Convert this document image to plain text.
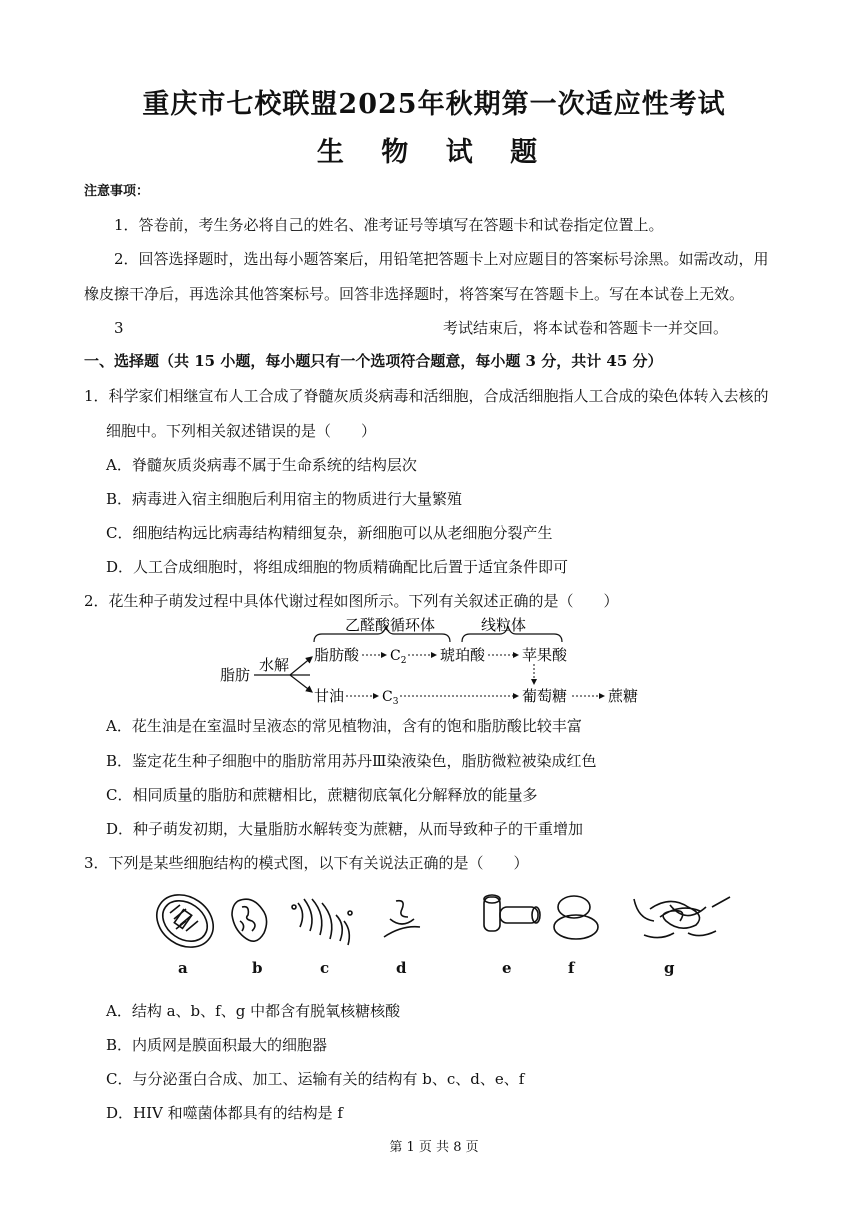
重庆市七校联盟2025年秋期第一次适应性考试
生 物 试 题
注意事项：
1．答卷前，考生务必将自己的姓名、准考证号等填写在答题卡和试卷指定位置上。
2．回答选择题时，选出每小题答案后，用铅笔把答题卡上对应题目的答案标号涂黑。如需改动，用
橡皮擦干净后，再选涂其他答案标号。回答非选择题时，将答案写在答题卡上。写在本试卷上无效。
3	考试结束后，将本试卷和答题卡一并交回。
一、选择题（共 15 小题，每小题只有一个选项符合题意，每小题 3 分，共计 45 分）
1．科学家们相继宣布人工合成了脊髓灰质炎病毒和活细胞，合成活细胞指人工合成的染色体转入去核的
细胞中。下列相关叙述错误的是（　　）
A．脊髓灰质炎病毒不属于生命系统的结构层次
B．病毒进入宿主细胞后利用宿主的物质进行大量繁殖
C．细胞结构远比病毒结构精细复杂，新细胞可以从老细胞分裂产生
D．人工合成细胞时，将组成细胞的物质精确配比后置于适宜条件即可
2．花生种子萌发过程中具体代谢过程如图所示。下列有关叙述正确的是（　　）
乙醛酸循环体	线粒体
脂肪
水解
脂肪酸 $C_2$ 琥珀酸 苹果酸
甘油	$C_3$	葡萄糖	蔗糖
A．花生油是在室温时呈液态的常见植物油，含有的饱和脂肪酸比较丰富
B．鉴定花生种子细胞中的脂肪常用苏丹Ⅲ染液染色，脂肪微粒被染成红色
C．相同质量的脂肪和蔗糖相比，蔗糖彻底氧化分解释放的能量多
D．种子萌发初期，大量脂肪水解转变为蔗糖，从而导致种子的干重增加
3．下列是某些细胞结构的模式图，以下有关说法正确的是（　　）
a	b	c	d	e	f	g
A．结构 a、b、f、g 中都含有脱氧核糖核酸
B．内质网是膜面积最大的细胞器
C．与分泌蛋白合成、加工、运输有关的结构有 b、c、d、e、f
D．HIV 和噬菌体都具有的结构是 f
第 1 页 共 8 页
